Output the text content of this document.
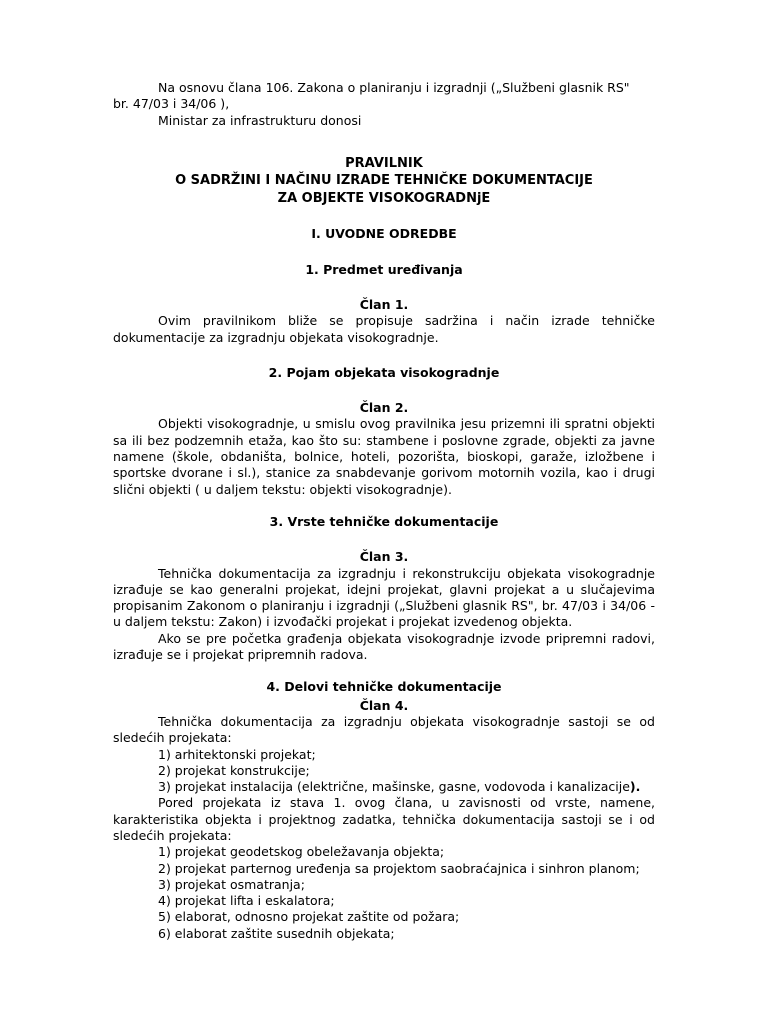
Na osnovu člana 106. Zakona o planiranju i izgradnji („Službeni glasnik RS"

br. 47/03 i 34/06 ),

Ministar za infrastrukturu donosi

PRAVILNIK

O SADRŽINI I NAČINU IZRADE TEHNIČKE DOKUMENTACIJE

ZA OBJEKTE VISOKOGRADNjE

I. UVODNE ODREDBE

1. Predmet uređivanja

Član 1.

Ovim pravilnikom bliže se propisuje sadržina i način izrade tehničke dokumentacije za izgradnju objekata visokogradnje.

2. Pojam objekata visokogradnje

Član 2.

Objekti visokogradnje, u smislu ovog pravilnika jesu prizemni ili spratni objekti sa ili bez podzemnih etaža, kao što su: stambene i poslovne zgrade, objekti za javne namene (škole, obdaništa, bolnice, hoteli, pozorišta, bioskopi, garaže, izložbene i sportske dvorane i sl.), stanice za snabdevanje gorivom motornih vozila, kao i drugi slični objekti ( u daljem tekstu: objekti visokogradnje).

3. Vrste tehničke dokumentacije

Član 3.

Tehnička dokumentacija za izgradnju i rekonstrukciju objekata visokogradnje izrađuje se kao generalni projekat, idejni projekat, glavni projekat a u slučajevima propisanim Zakonom o planiranju i izgradnji („Službeni glasnik RS", br. 47/03 i 34/06 - u daljem tekstu: Zakon) i izvođački projekat i projekat izvedenog objekta.

Ako se pre početka građenja objekata visokogradnje izvode pripremni radovi, izrađuje se i projekat pripremnih radova.

4. Delovi tehničke dokumentacije

Član 4.

Tehnička dokumentacija za izgradnju objekata visokogradnje sastoji se od sledećih projekata:

1) arhitektonski projekat;

2) projekat konstrukcije;

3) projekat instalacija (električne, mašinske, gasne, vodovoda i kanalizacije).

Pored projekata iz stava 1. ovog člana, u zavisnosti od vrste, namene, karakteristika objekta i projektnog zadatka, tehnička dokumentacija sastoji se i od sledećih projekata:

1) projekat geodetskog obeležavanja objekta;

2) projekat parternog uređenja sa projektom saobraćajnica i sinhron planom;

3) projekat osmatranja;

4) projekat lifta i eskalatora;

5) elaborat, odnosno projekat zaštite od požara;

6) elaborat zaštite susednih objekata;
